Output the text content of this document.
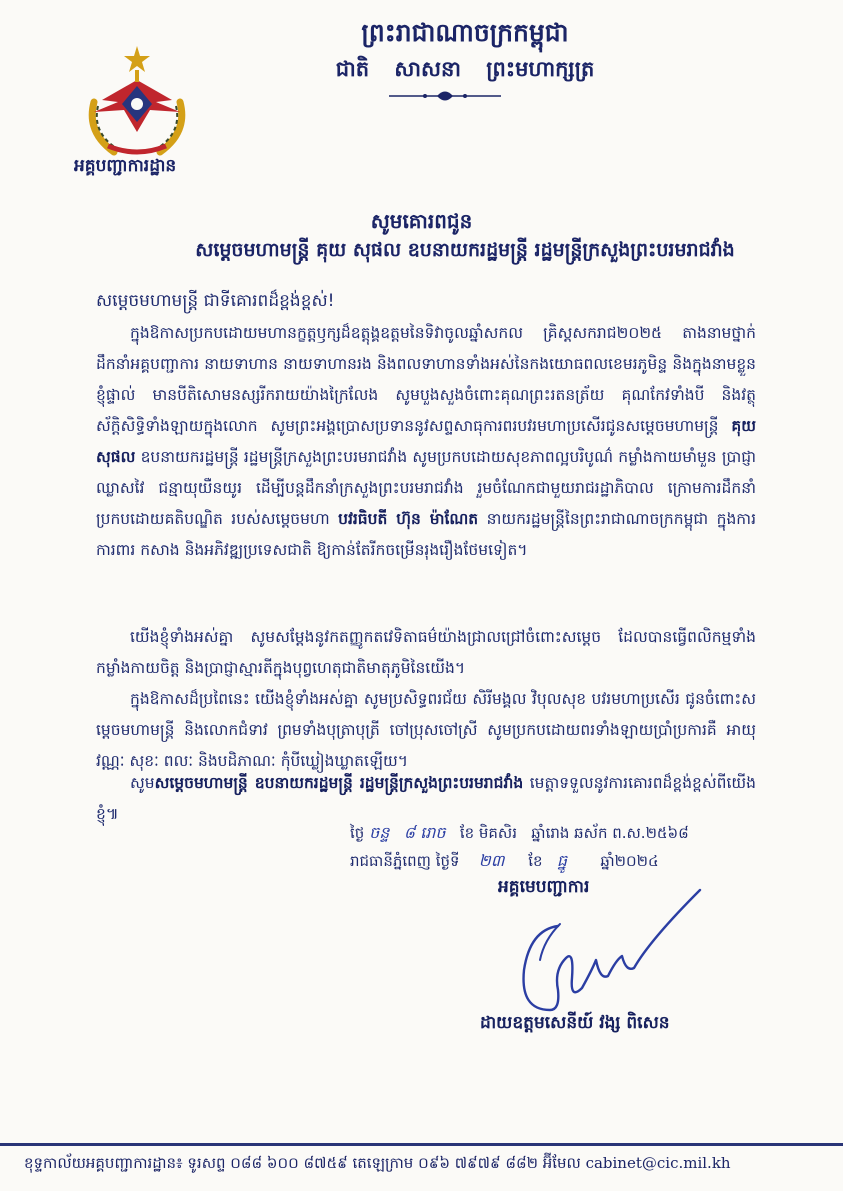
អគ្គបញ្ជាការដ្ឋាន
ព្រះរាជាណាចក្រកម្ពុជា
ជាតិ សាសនា ព្រះមហាក្សត្រ
សូមគោរពជូន
សម្តេចមហាមន្ត្រី គុយ សុផល ឧបនាយករដ្ឋមន្ត្រី រដ្ឋមន្ត្រីក្រសួងព្រះបរមរាជវាំង
សម្តេចមហាមន្ត្រី ជាទីគោរពដ៏ខ្ពង់ខ្ពស់!
ក្នុងឱកាសប្រកបដោយមហានក្ខត្តឫក្សដ៏ឧត្តុង្គឧត្តមនៃទិវាចូលឆ្នាំសកល គ្រិស្តសករាជ២០២៥ តាងនាមថ្នាក់ដឹកនាំអគ្គបញ្ជាការ នាយទាហាន នាយទាហានរង និងពលទាហានទាំងអស់នៃកងយោធពលខេមរភូមិន្ទ និងក្នុងនាមខ្លួនខ្ញុំផ្ទាល់ មានបីតិសោមនស្សរីករាយយ៉ាងក្រៃលែង សូមបួងសួងចំពោះគុណព្រះរតនត្រ័យ គុណកែវទាំងបី និងវត្ថុស័ក្តិសិទ្ធិទាំងឡាយក្នុងលោក សូមព្រះអង្គប្រោសប្រទាននូវសព្ទសាធុការពរបវរមហាប្រសើរជូនសម្តេចមហាមន្ត្រី គុយ សុផល ឧបនាយករដ្ឋមន្ត្រី រដ្ឋមន្ត្រីក្រសួងព្រះបរមរាជវាំង សូមប្រកបដោយសុខភាពល្អបរិបូណ៌ កម្លាំងកាយមាំមួន ប្រាជ្ញាឈ្លាសវៃ ជន្មាយុយឺនយូរ ដើម្បីបន្តដឹកនាំក្រសួងព្រះបរមរាជវាំង រួមចំណែកជាមួយរាជរដ្ឋាភិបាល ក្រោមការដឹកនាំប្រកបដោយគតិបណ្ឌិត របស់សម្តេចមហា បវរធិបតី ហ៊ុន ម៉ាណែត នាយករដ្ឋមន្ត្រីនៃព្រះរាជាណាចក្រកម្ពុជា ក្នុងការការពារ កសាង និងអភិវឌ្ឍប្រទេសជាតិ ឱ្យកាន់តែរីកចម្រើនរុងរឿងថែមទៀត។
យើងខ្ញុំទាំងអស់គ្នា សូមសម្តែងនូវកតញ្ញូកតវេទិតាធម៌យ៉ាងជ្រាលជ្រៅចំពោះសម្តេច ដែលបានធ្វើពលិកម្មទាំងកម្លាំងកាយចិត្ត និងប្រាជ្ញាស្មារតីក្នុងបុព្វហេតុជាតិមាតុភូមិនៃយើង។
ក្នុងឱកាសដ៏ប្រពៃនេះ យើងខ្ញុំទាំងអស់គ្នា សូមប្រសិទ្ធពរជ័យ សិរីមង្គល វិបុលសុខ បវរមហាប្រសើរ ជូនចំពោះសម្តេចមហាមន្ត្រី និងលោកជំទាវ ព្រមទាំងបុត្រាបុត្រី ចៅប្រុសចៅស្រី សូមប្រកបដោយពរទាំងឡាយប្រាំប្រការគឺ អាយុ វណ្ណៈ សុខៈ ពលៈ និងបដិភាណៈ កុំបីឃ្លៀងឃ្លាតឡើយ។
សូមសម្តេចមហាមន្ត្រី ឧបនាយករដ្ឋមន្ត្រី រដ្ឋមន្ត្រីក្រសួងព្រះបរមរាជវាំង មេត្តាទទួលនូវការគោរពដ៏ខ្ពង់ខ្ពស់ពីយើងខ្ញុំ៕
ថ្ងៃ ចន្ទ ៨ រោច ខែ មិគសិរ ឆ្នាំរោង ឆស័ក ព.ស.២៥៦៨
រាជធានីភ្នំពេញ ថ្ងៃទី ២៣ ខែ ធ្នូ ឆ្នាំ២០២៤
អគ្គមេបញ្ជាការ
ដាយឧត្តមសេនីយ៍ វង្ស ពិសេន
ខុទ្ទកាល័យអគ្គបញ្ជាការដ្ឋាន៖ ទូរសព្ទ ០៨៨ ៦០០ ៨៧៥៩ តេឡេក្រាម ០៩៦ ៧៩៧៩ ៨៨២ អ៊ីមែល cabinet@cic.mil.kh
